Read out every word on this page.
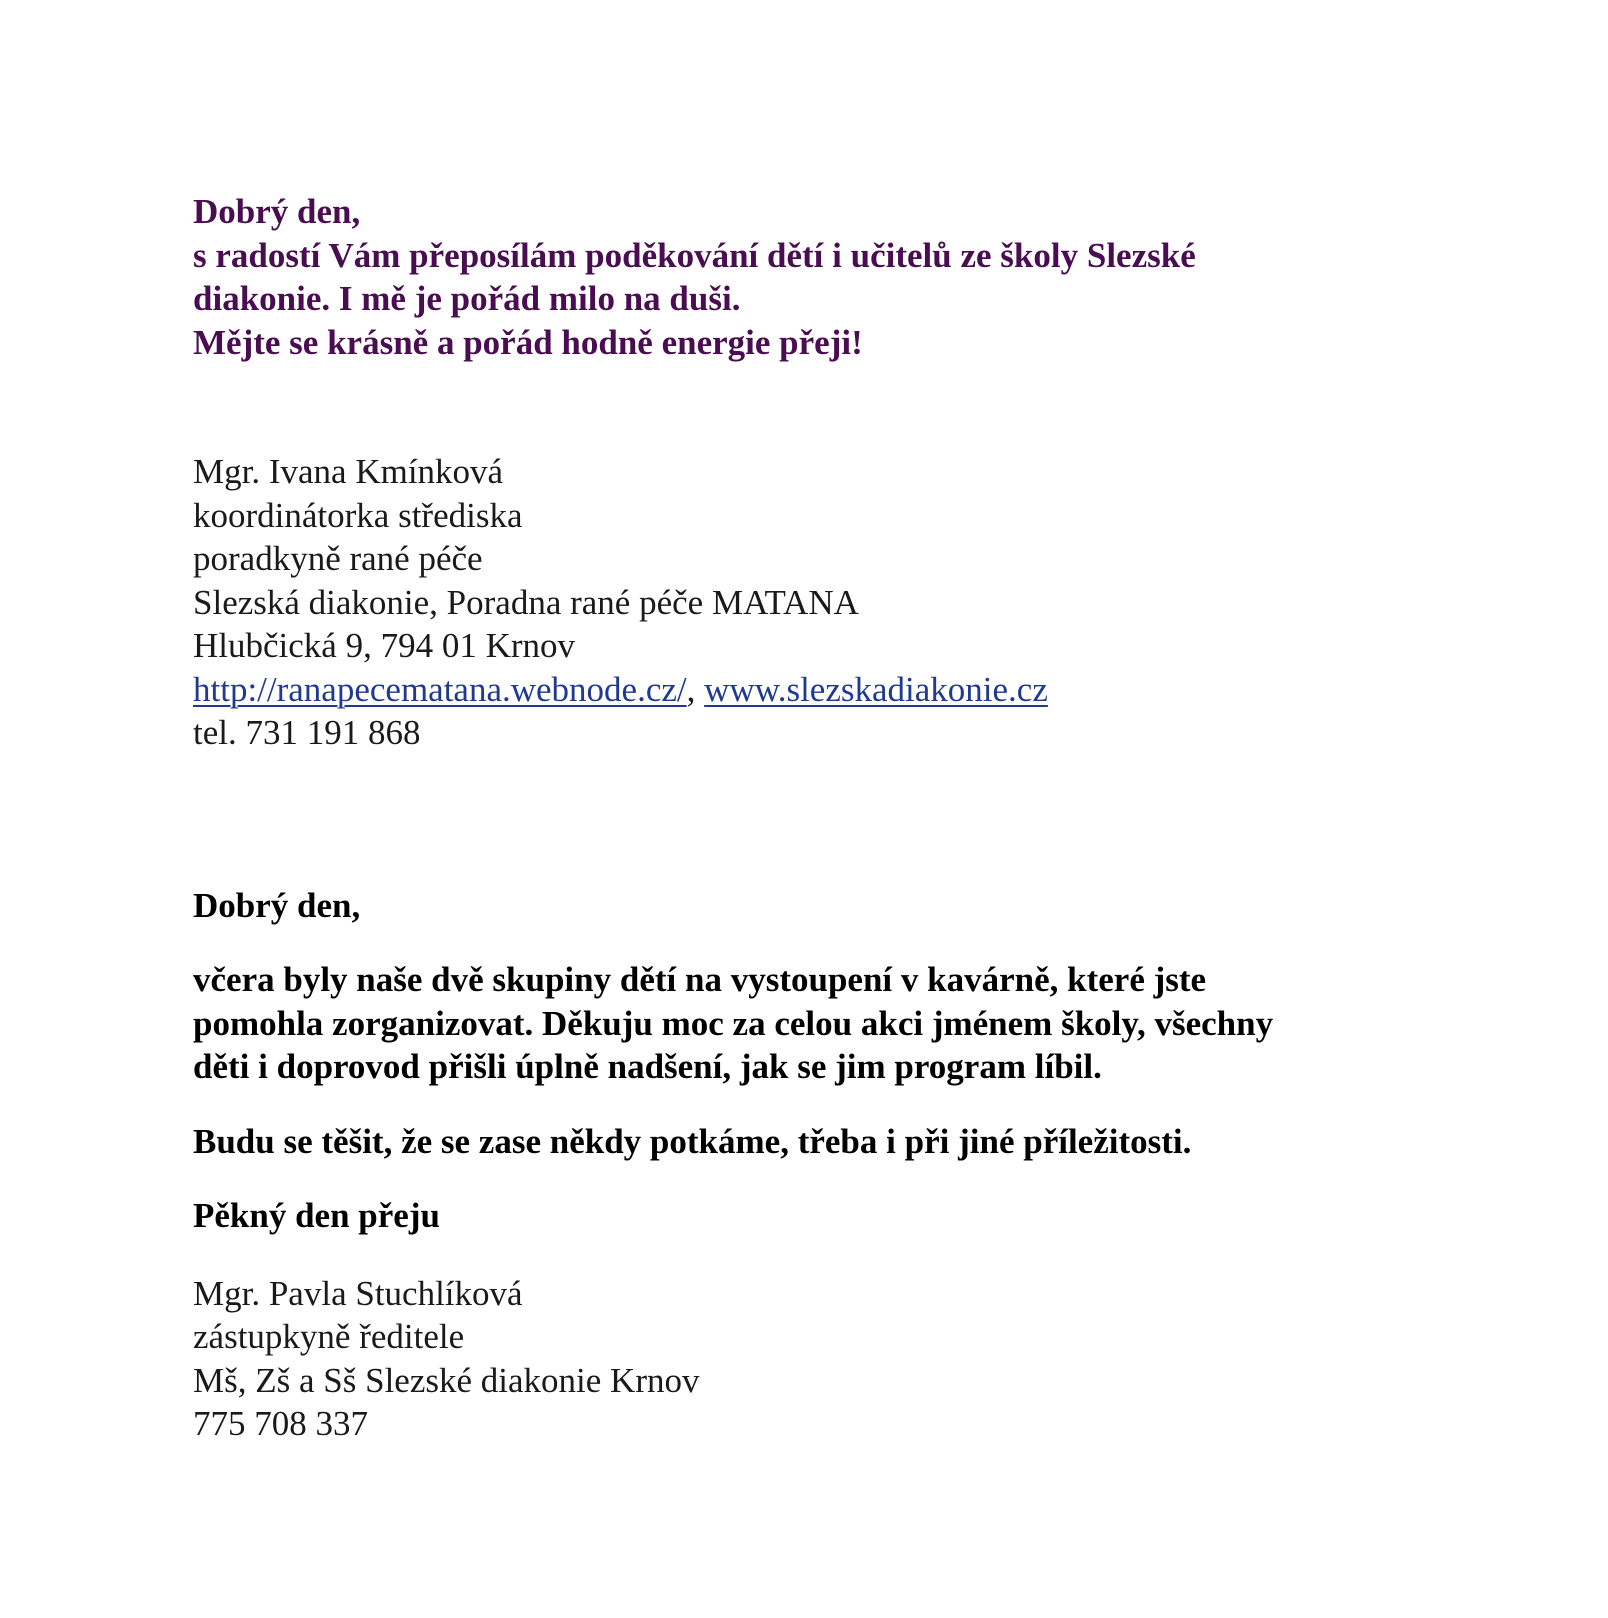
Dobrý den,
s radostí Vám přeposílám poděkování dětí i učitelů ze školy Slezské
diakonie. I mě je pořád milo na duši.
Mějte se krásně a pořád hodně energie přeji!
Mgr. Ivana Kmínková
koordinátorka střediska
poradkyně rané péče
Slezská diakonie, Poradna rané péče MATANA
Hlubčická 9, 794 01 Krnov
http://ranapecematana.webnode.cz/, www.slezskadiakonie.cz
tel. 731 191 868
Dobrý den,
včera byly naše dvě skupiny dětí na vystoupení v kavárně, které jste
pomohla zorganizovat. Děkuju moc za celou akci jménem školy, všechny
děti i doprovod přišli úplně nadšení, jak se jim program líbil.
Budu se těšit, že se zase někdy potkáme, třeba i při jiné příležitosti.
Pěkný den přeju
Mgr. Pavla Stuchlíková
zástupkyně ředitele
Mš, Zš a Sš Slezské diakonie Krnov
775 708 337
